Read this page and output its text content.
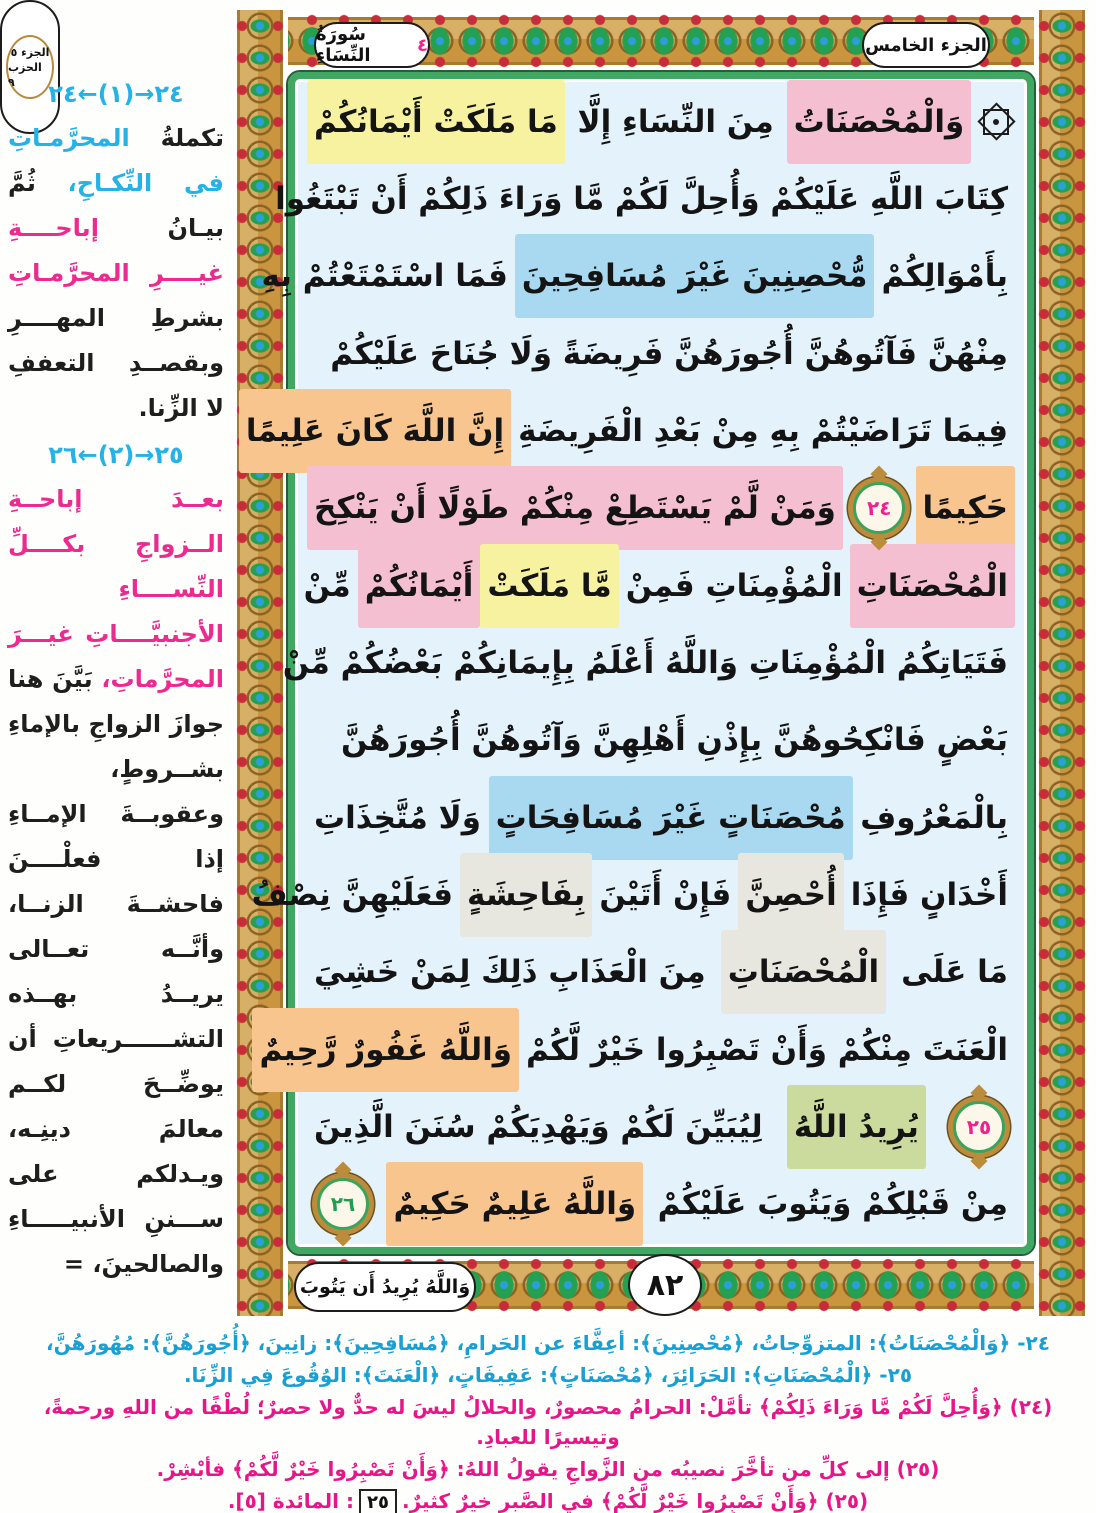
سُورَةُ النِّسَاءِ	٤	الجزء الخامس
الجزء ٥
الحزب ٩	٢٤←(١)→٢٤

تكملةُ المحرَّمـاتِ في النِّكـاحِ، ثُمَّ بيـانُ إباحــــةِ غيــــرِ المحرَّمـاتِ بشرطِ المهــــرِ وبقصــدِ التعففِ لا الزِّنا.

٢٦←(٢)→٢٥

بعــدَ إباحــةِ الــزواجِ بكــــلِّ النِّســــاءِ الأجنبيَّــــاتِ غيـــرَ المحرَّماتِ، بَيَّنَ هنا جوازَ الزواجِ بالإماءِ بشــروطٍ، وعقوبــةَ الإمــاءِ إذا فعلْــــنَ فاحشــةَ الزنــا، وأنَّــه تعــالى يريــدُ بهــذه التشــــــريعاتِ أن يوضِّــحَ لكــم معالمَ دينِـه، ويـدلكم على ســـننِ الأنبيـــــاءِ والصالحينَ، =

وَالْمُحْصَنَاتُ
مِنَ النِّسَاءِ إِلَّا
مَا مَلَكَتْ أَيْمَانُكُمْ
كِتَابَ اللَّهِ عَلَيْكُمْ وَأُحِلَّ لَكُمْ مَّا وَرَاءَ ذَلِكُمْ أَنْ تَبْتَغُوا
بِأَمْوَالِكُمْ
مُّحْصِنِينَ غَيْرَ مُسَافِحِينَ
فَمَا اسْتَمْتَعْتُمْ بِهِ
مِنْهُنَّ فَآتُوهُنَّ أُجُورَهُنَّ فَرِيضَةً وَلَا جُنَاحَ عَلَيْكُمْ
فِيمَا تَرَاضَيْتُمْ بِهِ مِنْ بَعْدِ الْفَرِيضَةِ
إِنَّ اللَّهَ كَانَ عَلِيمًا
حَكِيمًا
٢٤
وَمَنْ لَّمْ يَسْتَطِعْ مِنْكُمْ طَوْلًا أَنْ يَنْكِحَ
الْمُحْصَنَاتِ
الْمُؤْمِنَاتِ فَمِنْ
مَّا مَلَكَتْ
أَيْمَانُكُمْ
مِّنْ
فَتَيَاتِكُمُ الْمُؤْمِنَاتِ وَاللَّهُ أَعْلَمُ بِإِيمَانِكُمْ بَعْضُكُمْ مِّنْ
بَعْضٍ فَانْكِحُوهُنَّ بِإِذْنِ أَهْلِهِنَّ وَآتُوهُنَّ أُجُورَهُنَّ
بِالْمَعْرُوفِ
مُحْصَنَاتٍ غَيْرَ مُسَافِحَاتٍ
وَلَا مُتَّخِذَاتِ
أَخْدَانٍ فَإِذَا
أُحْصِنَّ
فَإِنْ أَتَيْنَ
بِفَاحِشَةٍ
فَعَلَيْهِنَّ نِصْفُ
مَا عَلَى
الْمُحْصَنَاتِ
مِنَ الْعَذَابِ ذَلِكَ لِمَنْ خَشِيَ
الْعَنَتَ مِنْكُمْ وَأَنْ تَصْبِرُوا خَيْرٌ لَّكُمْ
وَاللَّهُ غَفُورٌ رَّحِيمٌ
٢٥
يُرِيدُ اللَّهُ
لِيُبَيِّنَ لَكُمْ وَيَهْدِيَكُمْ سُنَنَ الَّذِينَ
مِنْ قَبْلِكُمْ وَيَتُوبَ عَلَيْكُمْ
وَاللَّهُ عَلِيمٌ حَكِيمٌ
٢٦
وَاللَّهُ يُرِيدُ أَن يَتُوبَ	٨٢
٢٤- ﴿وَالْمُحْصَنَاتُ﴾: المتزوِّجاتُ، ﴿مُحْصِنِينَ﴾: أعِفَّاءَ عن الحَرامِ، ﴿مُسَافِحِينَ﴾: زانِينَ، ﴿أُجُورَهُنَّ﴾: مُهُورَهُنَّ،
٢٥- ﴿الْمُحْصَنَاتِ﴾: الحَرَائِرَ، ﴿مُحْصَنَاتٍ﴾: عَفِيفَاتٍ، ﴿الْعَنَتَ﴾: الوُقُوعَ فِي الزِّنَا.
(٢٤) ﴿وَأُحِلَّ لَكُمْ مَّا وَرَاءَ ذَلِكُمْ﴾ تأمَّلْ: الحرامُ محصورٌ، والحلالُ ليسَ له حدٌّ ولا حصرٌ؛ لُطْفًا من اللهِ ورحمةً، وتيسيرًا للعبادِ.
(٢٥) إلى كلِّ من تأخَّرَ نصيبُه من الزَّواجِ يقولُ اللهُ: ﴿وَأَنْ تَصْبِرُوا خَيْرٌ لَّكُمْ﴾ فأبْشِرْ.
(٢٥) ﴿وَأَنْ تَصْبِرُوا خَيْرٌ لَّكُمْ﴾ في الصَّبرِ خيرٌ كثيرٌ.٢٥: المائدة [٥].
